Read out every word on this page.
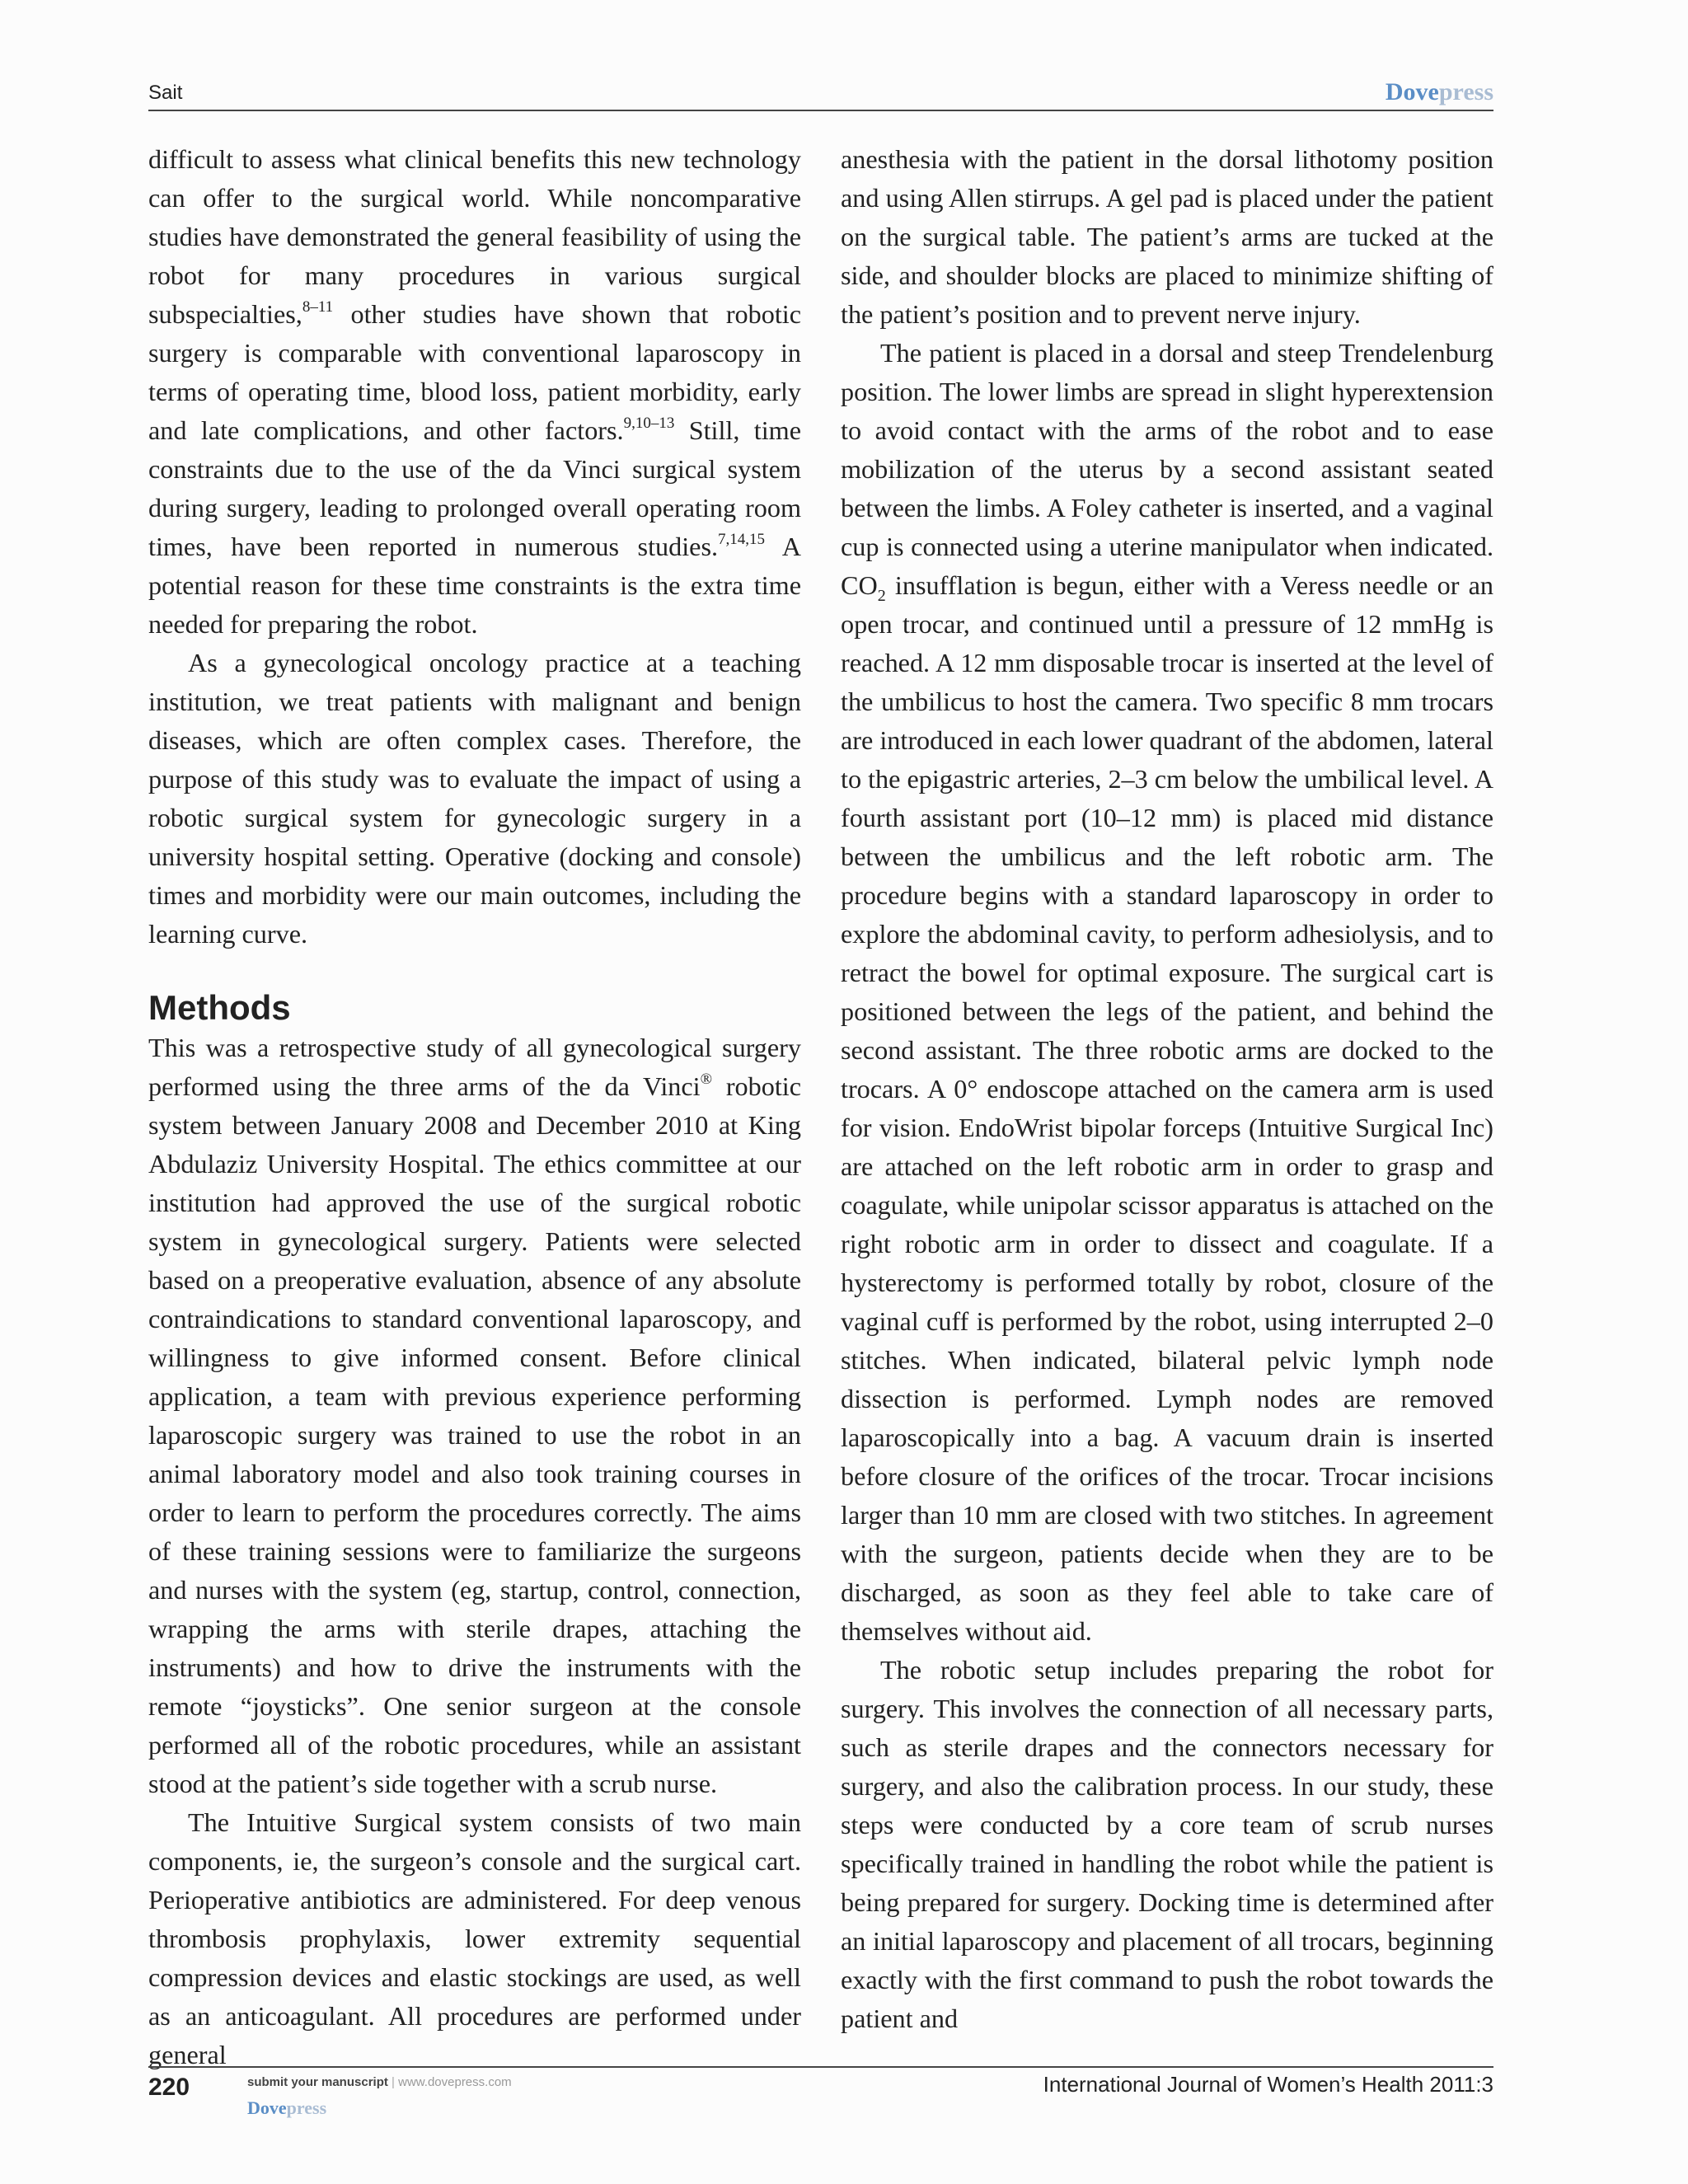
Sait	Dovepress

difficult to assess what clinical benefits this new technology can offer to the surgical world. While noncomparative studies have demonstrated the general feasibility of using the robot for many procedures in various surgical subspecialties,$^{8-11}$ other studies have shown that robotic surgery is comparable with conventional laparoscopy in terms of operating time, blood loss, patient morbidity, early and late complications, and other factors.$^{9,10-13}$ Still, time constraints due to the use of the da Vinci surgical system during surgery, leading to prolonged overall operating room times, have been reported in numerous studies.$^{7,14,15}$ A potential reason for these time constraints is the extra time needed for preparing the robot.

As a gynecological oncology practice at a teaching institution, we treat patients with malignant and benign diseases, which are often complex cases. Therefore, the purpose of this study was to evaluate the impact of using a robotic surgical system for gynecologic surgery in a university hospital setting. Operative (docking and console) times and morbidity were our main outcomes, including the learning curve.

Methods

This was a retrospective study of all gynecological surgery performed using the three arms of the da Vinci® robotic system between January 2008 and December 2010 at King Abdulaziz University Hospital. The ethics committee at our institution had approved the use of the surgical robotic system in gynecological surgery. Patients were selected based on a preoperative evaluation, absence of any absolute contraindications to standard conventional laparoscopy, and willingness to give informed consent. Before clinical application, a team with previous experience performing laparoscopic surgery was trained to use the robot in an animal laboratory model and also took training courses in order to learn to perform the procedures correctly. The aims of these training sessions were to familiarize the surgeons and nurses with the system (eg, startup, control, connection, wrapping the arms with sterile drapes, attaching the instruments) and how to drive the instruments with the remote “joysticks”. One senior surgeon at the console performed all of the robotic procedures, while an assistant stood at the patient’s side together with a scrub nurse.

The Intuitive Surgical system consists of two main components, ie, the surgeon’s console and the surgical cart. Perioperative antibiotics are administered. For deep venous thrombosis prophylaxis, lower extremity sequential compression devices and elastic stockings are used, as well as an anticoagulant. All procedures are performed under general

anesthesia with the patient in the dorsal lithotomy position and using Allen stirrups. A gel pad is placed under the patient on the surgical table. The patient’s arms are tucked at the side, and shoulder blocks are placed to minimize shifting of the patient’s position and to prevent nerve injury.

The patient is placed in a dorsal and steep Trendelenburg position. The lower limbs are spread in slight hyperextension to avoid contact with the arms of the robot and to ease mobilization of the uterus by a second assistant seated between the limbs. A Foley catheter is inserted, and a vaginal cup is connected using a uterine manipulator when indicated. $CO_2$ insufflation is begun, either with a Veress needle or an open trocar, and continued until a pressure of 12 mmHg is reached. A 12 mm disposable trocar is inserted at the level of the umbilicus to host the camera. Two specific 8 mm trocars are introduced in each lower quadrant of the abdomen, lateral to the epigastric arteries, 2–3 cm below the umbilical level. A fourth assistant port (10–12 mm) is placed mid distance between the umbilicus and the left robotic arm. The procedure begins with a standard laparoscopy in order to explore the abdominal cavity, to perform adhesiolysis, and to retract the bowel for optimal exposure. The surgical cart is positioned between the legs of the patient, and behind the second assistant. The three robotic arms are docked to the trocars. A 0° endoscope attached on the camera arm is used for vision. EndoWrist bipolar forceps (Intuitive Surgical Inc) are attached on the left robotic arm in order to grasp and coagulate, while unipolar scissor apparatus is attached on the right robotic arm in order to dissect and coagulate. If a hysterectomy is performed totally by robot, closure of the vaginal cuff is performed by the robot, using interrupted 2–0 stitches. When indicated, bilateral pelvic lymph node dissection is performed. Lymph nodes are removed laparoscopically into a bag. A vacuum drain is inserted before closure of the orifices of the trocar. Trocar incisions larger than 10 mm are closed with two stitches. In agreement with the surgeon, patients decide when they are to be discharged, as soon as they feel able to take care of themselves without aid.

The robotic setup includes preparing the robot for surgery. This involves the connection of all necessary parts, such as sterile drapes and the connectors necessary for surgery, and also the calibration process. In our study, these steps were conducted by a core team of scrub nurses specifically trained in handling the robot while the patient is being prepared for surgery. Docking time is determined after an initial laparoscopy and placement of all trocars, beginning exactly with the first command to push the robot towards the patient and

220	submit your manuscript | www.dovepress.com
Dovepress
International Journal of Women’s Health 2011:3
